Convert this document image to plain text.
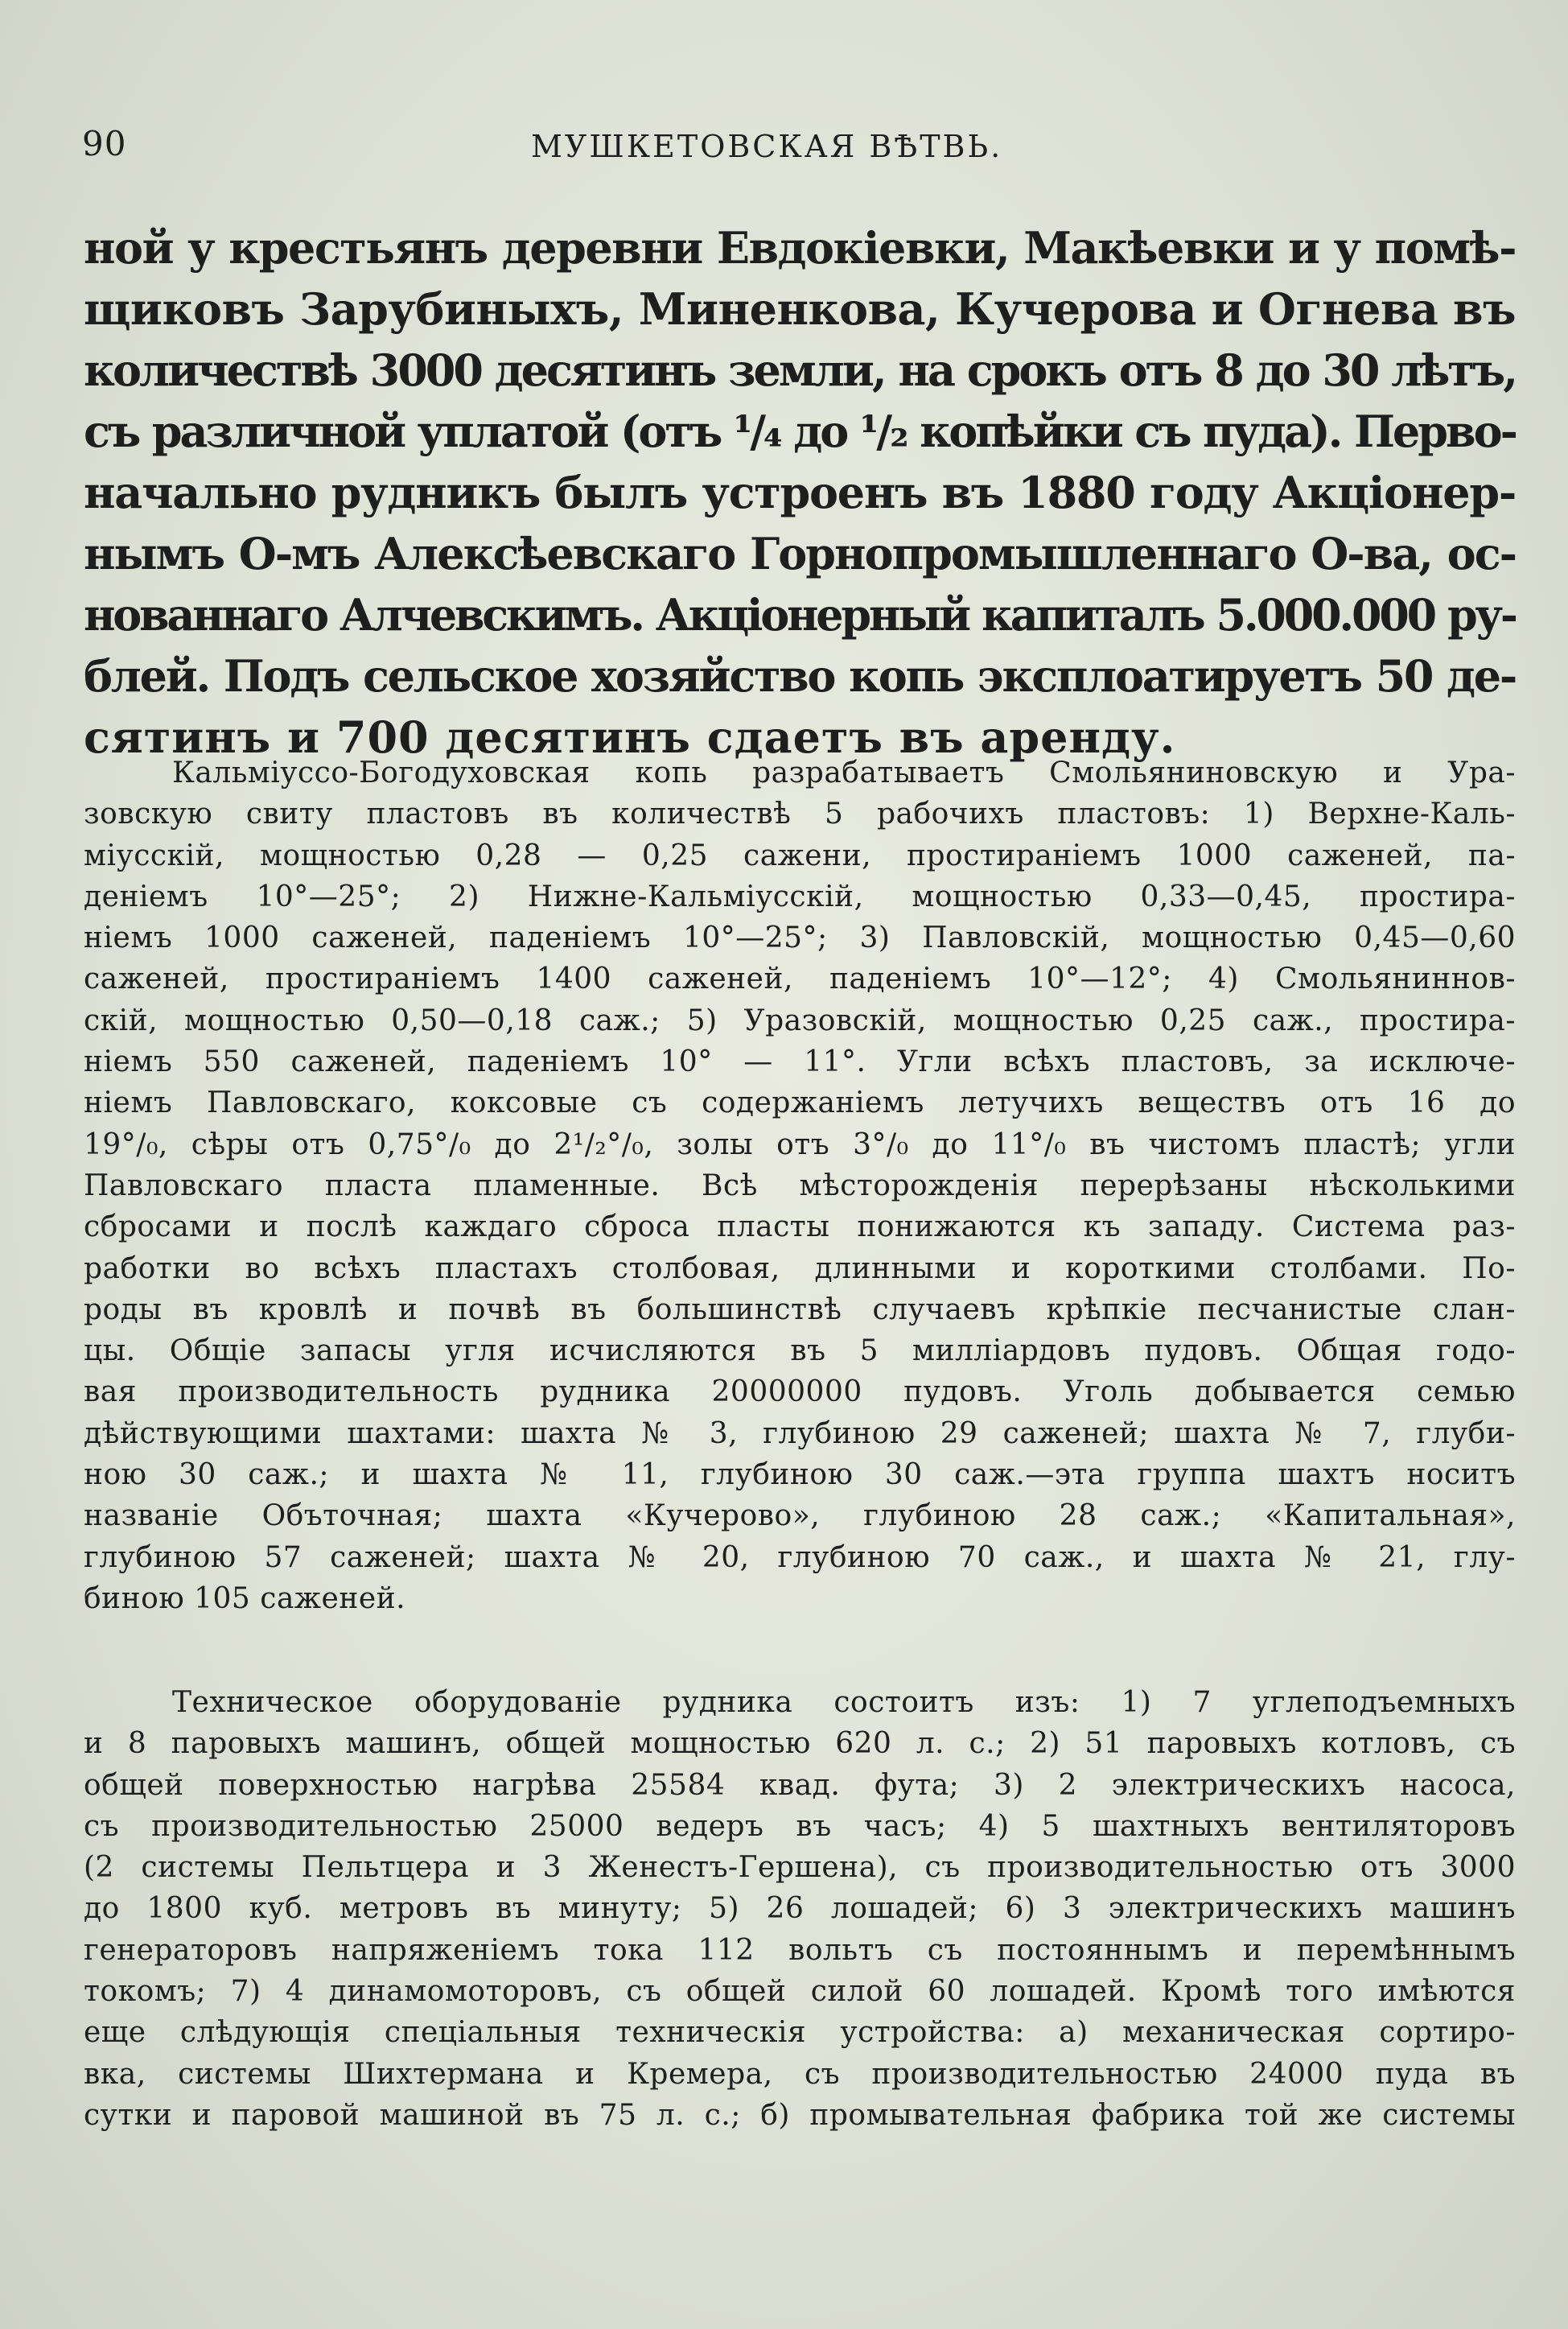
90	МУШКЕТОВСКАЯ ВѢТВЬ.
ной у крестьянъ деревни Евдокіевки, Макѣевки и у помѣ-
щиковъ Зарубиныхъ, Миненкова, Кучерова и Огнева въ
количествѣ 3000 десятинъ земли, на срокъ отъ 8 до 30 лѣтъ,
съ различной уплатой (отъ ¹/₄ до ¹/₂ копѣйки съ пуда). Перво-
начально рудникъ былъ устроенъ въ 1880 году Акціонер-
нымъ О-мъ Алексѣевскаго Горнопромышленнаго О-ва, ос-
нованнаго Алчевскимъ. Акціонерный капиталъ 5.000.000 ру-
блей. Подъ сельское хозяйство копь эксплоатируетъ 50 де-
сятинъ и 700 десятинъ сдаетъ въ аренду.
Кальміуссо-Богодуховская копь разрабатываетъ Смольяниновскую и Ура-
зовскую свиту пластовъ въ количествѣ 5 рабочихъ пластовъ: 1) Верхне-Каль-
міусскій, мощностью 0,28 — 0,25 сажени, простираніемъ 1000 саженей, па-
деніемъ 10°—25°; 2) Нижне-Кальміусскій, мощностью 0,33—0,45, простира-
ніемъ 1000 саженей, паденіемъ 10°—25°; 3) Павловскій, мощностью 0,45—0,60
саженей, простираніемъ 1400 саженей, паденіемъ 10°—12°; 4) Смольяниннов-
скій, мощностью 0,50—0,18 саж.; 5) Уразовскій, мощностью 0,25 саж., простира-
ніемъ 550 саженей, паденіемъ 10° — 11°. Угли всѣхъ пластовъ, за исключе-
ніемъ Павловскаго, коксовые съ содержаніемъ летучихъ веществъ отъ 16 до
19°/₀, сѣры отъ 0,75°/₀ до 2¹/₂°/₀, золы отъ 3°/₀ до 11°/₀ въ чистомъ пластѣ; угли
Павловскаго пласта пламенные. Всѣ мѣсторожденія перерѣзаны нѣсколькими
сбросами и послѣ каждаго сброса пласты понижаются къ западу. Система раз-
работки во всѣхъ пластахъ столбовая, длинными и короткими столбами. По-
роды въ кровлѣ и почвѣ въ большинствѣ случаевъ крѣпкіе песчанистые слан-
цы. Общіе запасы угля исчисляются въ 5 милліардовъ пудовъ. Общая годо-
вая производительность рудника 20000000 пудовъ. Уголь добывается семью
дѣйствующими шахтами: шахта № 3, глубиною 29 саженей; шахта № 7, глуби-
ною 30 саж.; и шахта № 11, глубиною 30 саж.—эта группа шахтъ носитъ
названіе Объточная; шахта «Кучерово», глубиною 28 саж.; «Капитальная»,
глубиною 57 саженей; шахта № 20, глубиною 70 саж., и шахта № 21, глу-
биною 105 саженей.
Техническое оборудованіе рудника состоитъ изъ: 1) 7 углеподъемныхъ
и 8 паровыхъ машинъ, общей мощностью 620 л. с.; 2) 51 паровыхъ котловъ, съ
общей поверхностью нагрѣва 25584 квад. фута; 3) 2 электрическихъ насоса,
съ производительностью 25000 ведеръ въ часъ; 4) 5 шахтныхъ вентиляторовъ
(2 системы Пельтцера и 3 Женестъ-Гершена), съ производительностью отъ 3000
до 1800 куб. метровъ въ минуту; 5) 26 лошадей; 6) 3 электрическихъ машинъ
генераторовъ напряженіемъ тока 112 вольтъ съ постояннымъ и перемѣннымъ
токомъ; 7) 4 динамомоторовъ, съ общей силой 60 лошадей. Кромѣ того имѣются
еще слѣдующія спеціальныя техническія устройства: а) механическая сортиро-
вка, системы Шихтермана и Кремера, съ производительностью 24000 пуда въ
сутки и паровой машиной въ 75 л. с.; б) промывательная фабрика той же системы
